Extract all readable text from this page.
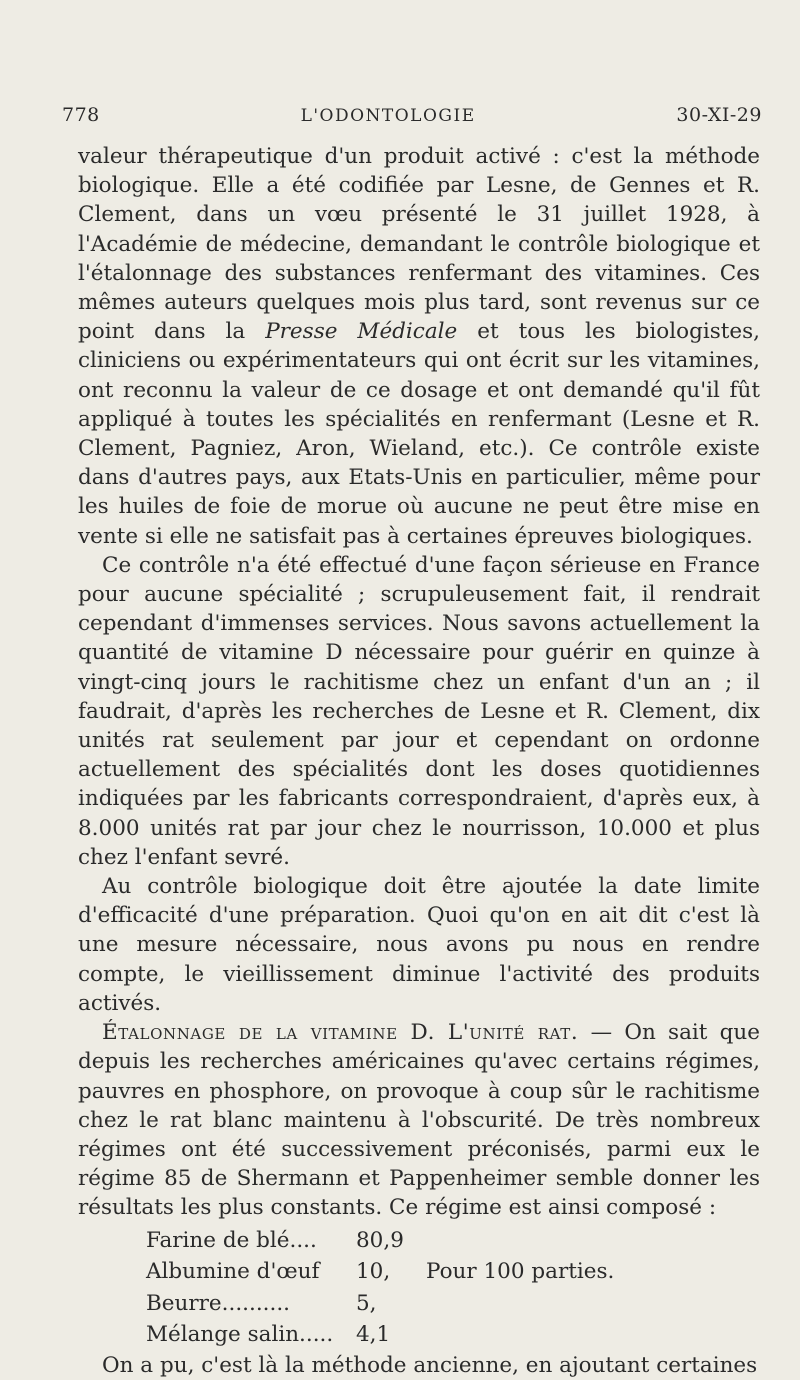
778	L'ODONTOLOGIE	30-XI-29

valeur thérapeutique d'un produit activé : c'est la méthode biologique. Elle a été codifiée par Lesne, de Gennes et R. Clement, dans un vœu présenté le 31 juillet 1928, à l'Académie de médecine, demandant le contrôle biologique et l'étalonnage des substances renfermant des vitamines. Ces mêmes auteurs quelques mois plus tard, sont revenus sur ce point dans la Presse Médicale et tous les biologistes, cliniciens ou expérimentateurs qui ont écrit sur les vitamines, ont reconnu la valeur de ce dosage et ont demandé qu'il fût appliqué à toutes les spécialités en renfermant (Lesne et R. Clement, Pagniez, Aron, Wieland, etc.). Ce contrôle existe dans d'autres pays, aux Etats-Unis en particulier, même pour les huiles de foie de morue où aucune ne peut être mise en vente si elle ne satisfait pas à certaines épreuves biologiques.

Ce contrôle n'a été effectué d'une façon sérieuse en France pour aucune spécialité ; scrupuleusement fait, il rendrait cependant d'immenses services. Nous savons actuellement la quantité de vitamine D nécessaire pour guérir en quinze à vingt-cinq jours le rachitisme chez un enfant d'un an ; il faudrait, d'après les recherches de Lesne et R. Clement, dix unités rat seulement par jour et cependant on ordonne actuellement des spécialités dont les doses quotidiennes indiquées par les fabricants correspondraient, d'après eux, à 8.000 unités rat par jour chez le nourrisson, 10.000 et plus chez l'enfant sevré.

Au contrôle biologique doit être ajoutée la date limite d'efficacité d'une préparation. Quoi qu'on en ait dit c'est là une mesure nécessaire, nous avons pu nous en rendre compte, le vieillissement diminue l'activité des produits activés.

Étalonnage de la vitamine D. L'unité rat. — On sait que depuis les recherches américaines qu'avec certains régimes, pauvres en phosphore, on provoque à coup sûr le rachitisme chez le rat blanc maintenu à l'obscurité. De très nombreux régimes ont été successivement préconisés, parmi eux le régime 85 de Shermann et Pappenheimer semble donner les résultats les plus constants. Ce régime est ainsi composé :

Farine de blé....	80,9
Albumine d'œuf	10,	Pour 100 parties.
Beurre..........	5,
Mélange salin.....	4,1

On a pu, c'est là la méthode ancienne, en ajoutant certaines
